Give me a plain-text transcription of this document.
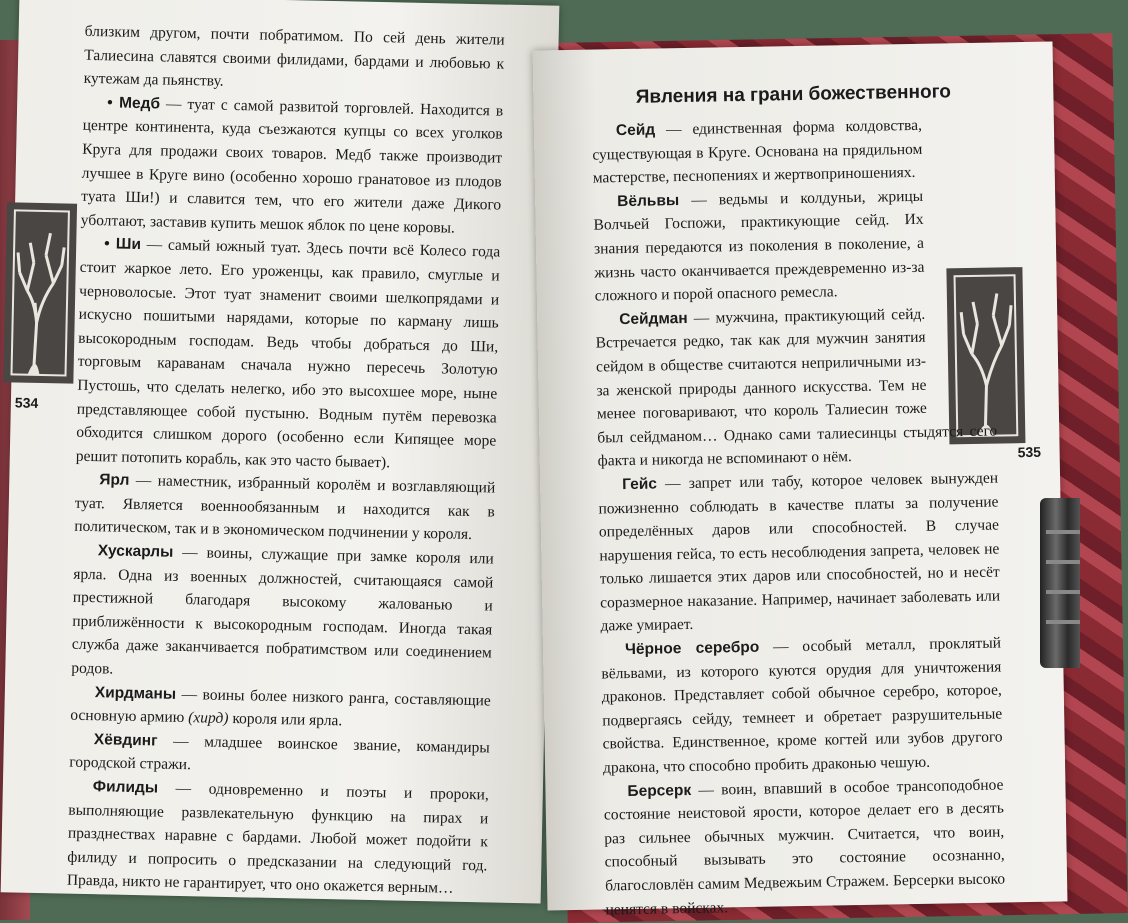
534

близким другом, почти побратимом. По сей день жители Талиесина славятся своими филидами, бардами и любовью к кутежам да пьянству.

• Медб — туат с самой развитой торговлей. Находится в центре континента, куда съезжаются купцы со всех уголков Круга для продажи своих товаров. Медб также производит лучшее в Круге вино (особенно хорошо гранатовое из плодов туата Ши!) и славится тем, что его жители даже Дикого уболтают, заставив купить мешок яблок по цене коровы.

• Ши — самый южный туат. Здесь почти всё Колесо года стоит жаркое лето. Его уроженцы, как правило, смуглые и черноволосые. Этот туат знаменит своими шелкопрядами и искусно пошитыми нарядами, которые по карману лишь высокородным господам. Ведь чтобы добраться до Ши, торговым караванам сначала нужно пересечь Золотую Пустошь, что сделать нелегко, ибо это высохшее море, ныне представляющее собой пустыню. Водным путём перевозка обходится слишком дорого (особенно если Кипящее море решит потопить корабль, как это часто бывает).

Ярл — наместник, избранный королём и возглавляющий туат. Является военнообязанным и находится как в политическом, так и в экономическом подчинении у короля.

Хускарлы — воины, служащие при замке короля или ярла. Одна из военных должностей, считающаяся самой престижной благодаря высокому жалованью и приближённости к высокородным господам. Иногда такая служба даже заканчивается побратимством или соединением родов.

Хирдманы — воины более низкого ранга, составляющие основную армию (хирд) короля или ярла.

Хёвдинг — младшее воинское звание, командиры городской стражи.

Филиды — одновременно и поэты и пророки, выполняющие развлекательную функцию на пирах и празднествах наравне с бардами. Любой может подойти к филиду и попросить о предсказании на следующий год. Правда, никто не гарантирует, что оно окажется верным…

Явления на грани божественного
535

Сейд — единственная форма колдовства, существующая в Круге. Основана на прядильном мастерстве, песнопениях и жертвоприношениях.

Вёльвы — ведьмы и колдуньи, жрицы Волчьей Госпожи, практикующие сейд. Их знания передаются из поколения в поколение, а жизнь часто оканчивается преждевременно из-за сложного и порой опасного ремесла.

Сейдман — мужчина, практикующий сейд. Встречается редко, так как для мужчин занятия сейдом в обществе считаются неприличными из-за женской природы данного искусства. Тем не менее поговаривают, что король Талиесин тоже был сейдманом… Однако сами талиесинцы стыдятся сего факта и никогда не вспоминают о нём.

Гейс — запрет или табу, которое человек вынужден пожизненно соблюдать в качестве платы за получение определённых даров или способностей. В случае нарушения гейса, то есть несоблюдения запрета, человек не только лишается этих даров или способностей, но и несёт соразмерное наказание. Например, начинает заболевать или даже умирает.

Чёрное серебро — особый металл, проклятый вёльвами, из которого куются орудия для уничтожения драконов. Представляет собой обычное серебро, которое, подвергаясь сейду, темнеет и обретает разрушительные свойства. Единственное, кроме когтей или зубов другого дракона, что способно пробить драконью чешую.

Берсерк — воин, впавший в особое трансоподобное состояние неистовой ярости, которое делает его в десять раз сильнее обычных мужчин. Считается, что воин, способный вызывать это состояние осознанно, благословлён самим Медвежьим Стражем. Берсерки высоко ценятся в войсках.
